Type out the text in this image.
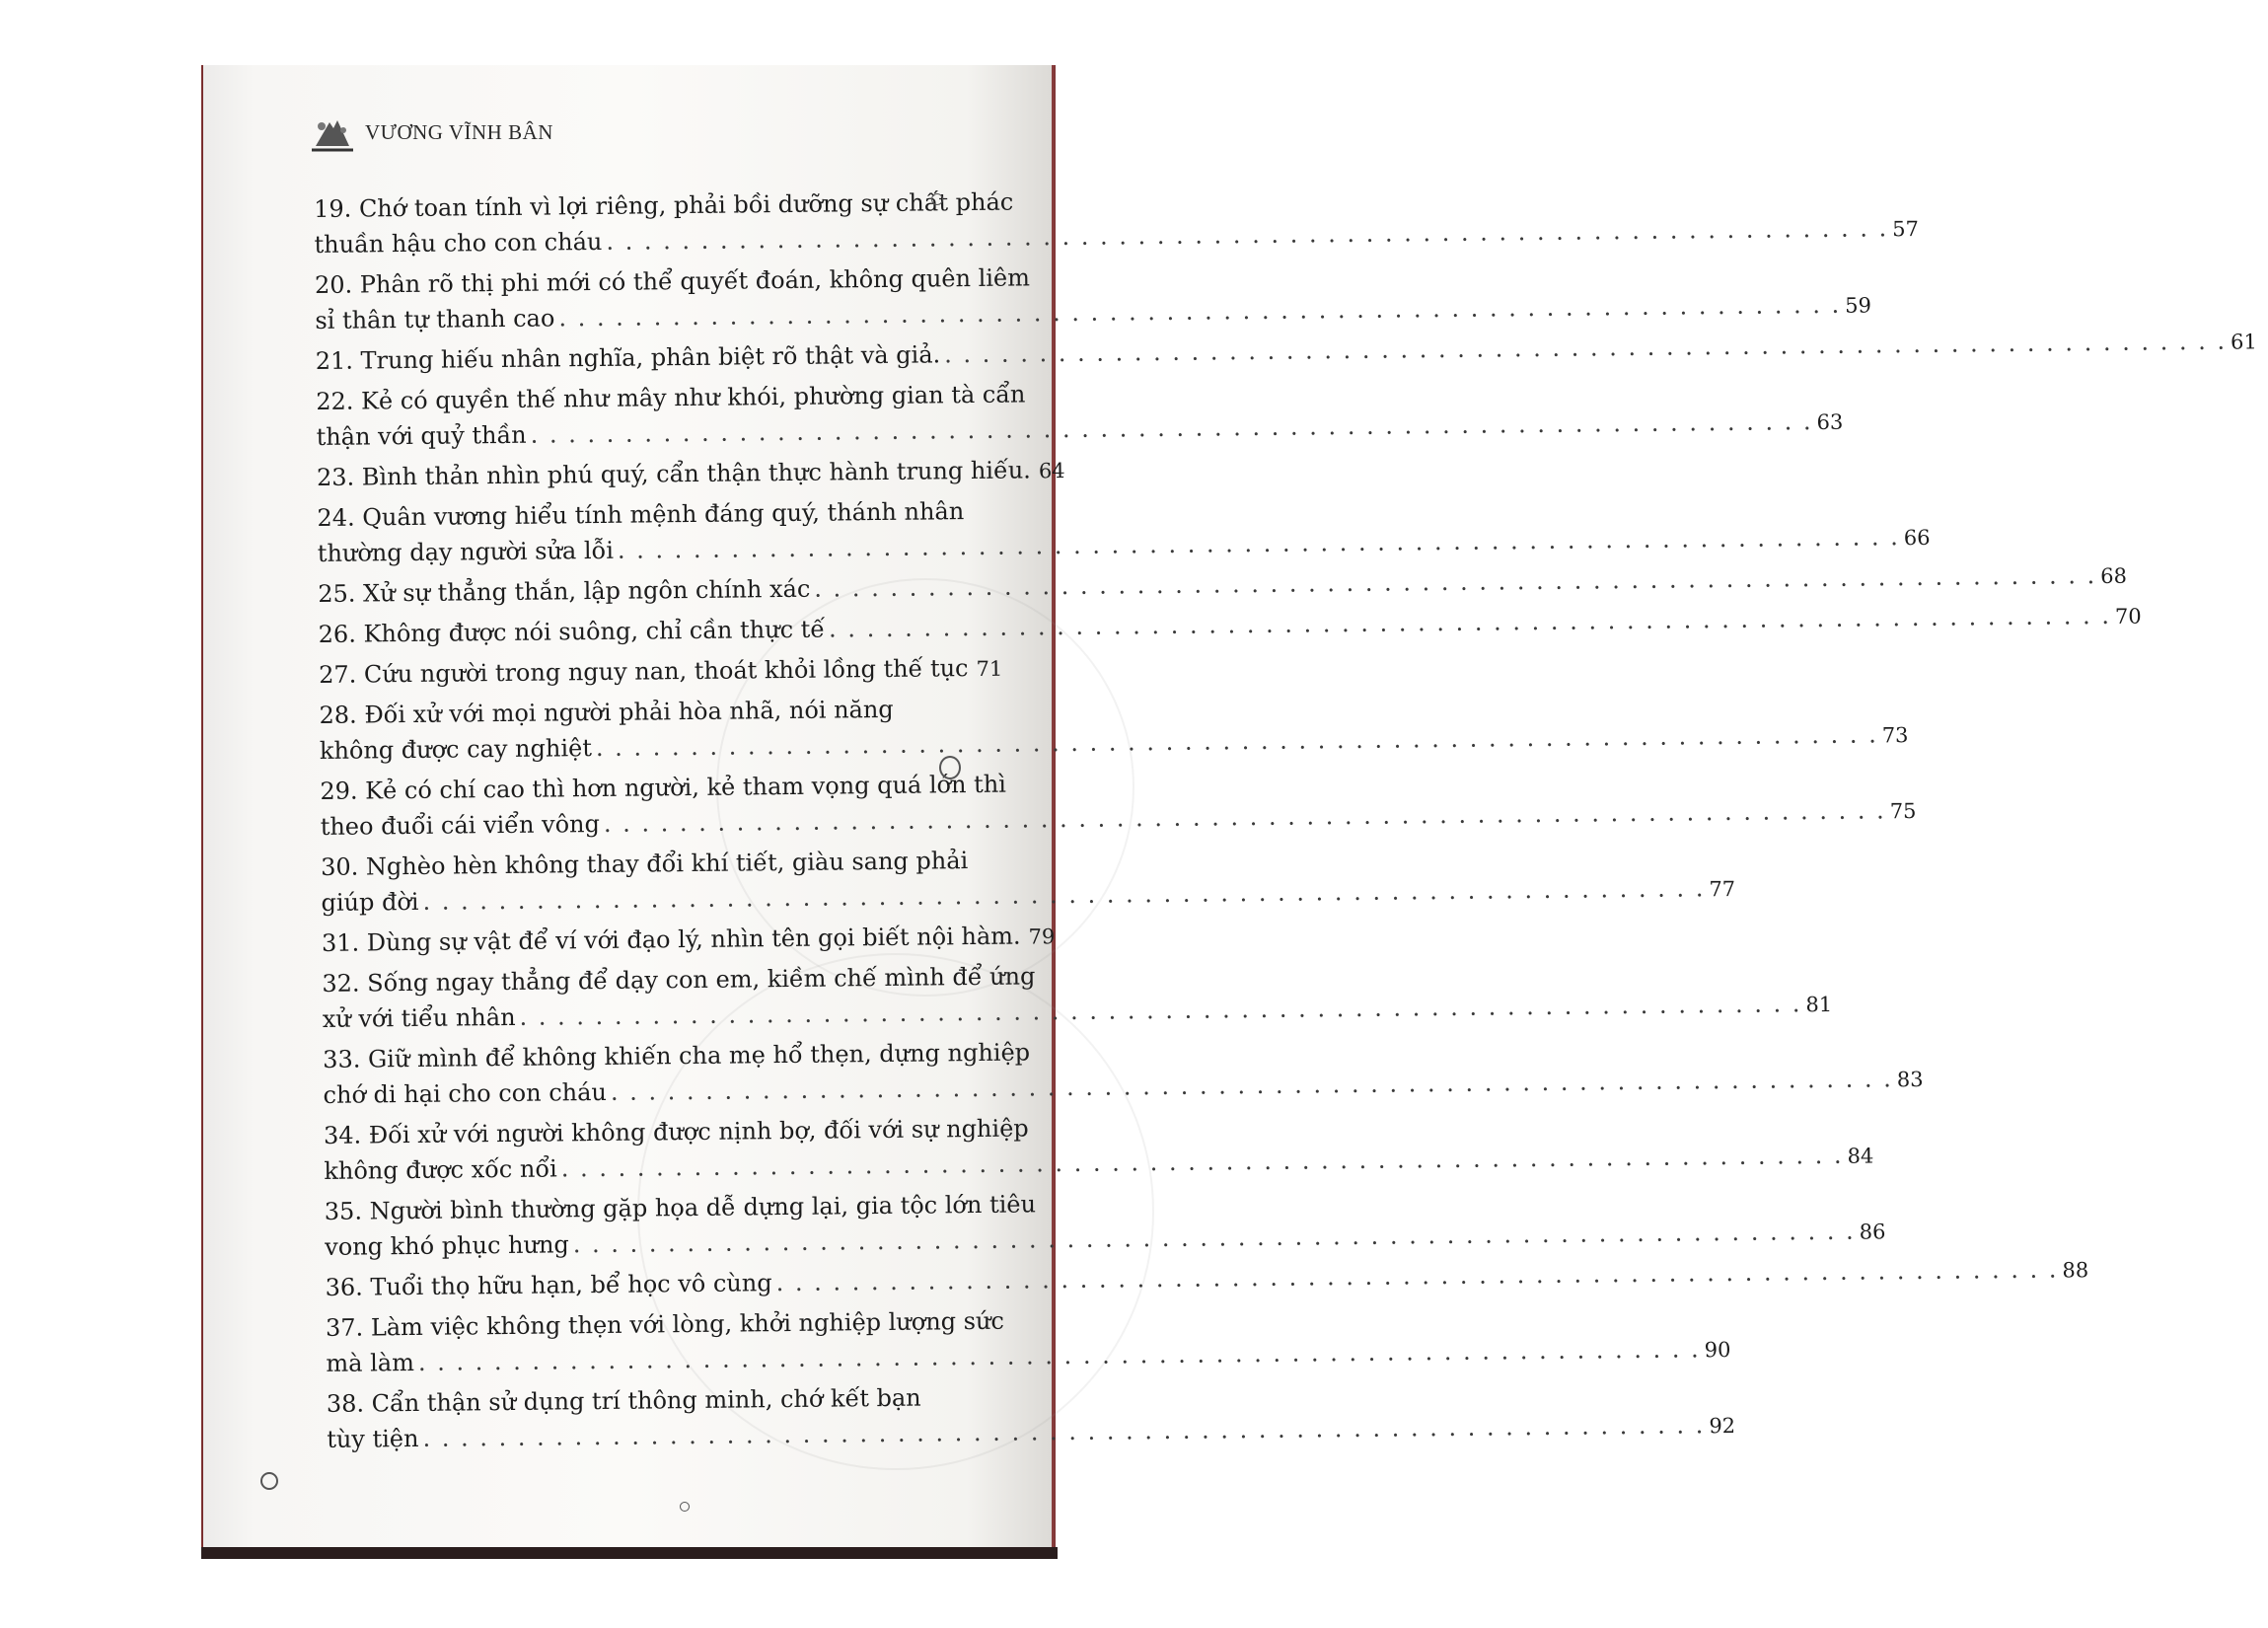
VƯƠNG VĨNH BÂN
19. Chớ toan tính vì lợi riêng, phải bồi dưỡng sự chất phác
thuần hậu cho con cháu . . .	57
20. Phân rõ thị phi mới có thể quyết đoán, không quên liêm
sỉ thân tự thanh cao . . .	59
21. Trung hiếu nhân nghĩa, phân biệt rõ thật và giả. . . .	61
22. Kẻ có quyền thế như mây như khói, phường gian tà cẩn
thận với quỷ thần . . .	63
23. Bình thản nhìn phú quý, cẩn thận thực hành trung hiếu. . . . 64
24. Quân vương hiểu tính mệnh đáng quý, thánh nhân
thường dạy người sửa lỗi . . .	66
25. Xử sự thẳng thắn, lập ngôn chính xác . . .	68
26. Không được nói suông, chỉ cần thực tế . . .	70
27. Cứu người trong nguy nan, thoát khỏi lồng thế tục . . . 71
28. Đối xử với mọi người phải hòa nhã, nói năng
không được cay nghiệt . . .	73
29. Kẻ có chí cao thì hơn người, kẻ tham vọng quá lớn thì
theo đuổi cái viển vông . . .	75
30. Nghèo hèn không thay đổi khí tiết, giàu sang phải
giúp đời . . .	77
31. Dùng sự vật để ví với đạo lý, nhìn tên gọi biết nội hàm. . . . 79
32. Sống ngay thẳng để dạy con em, kiềm chế mình để ứng
xử với tiểu nhân . . .	81
33. Giữ mình để không khiến cha mẹ hổ thẹn, dựng nghiệp
chớ di hại cho con cháu . . .	83
34. Đối xử với người không được nịnh bợ, đối với sự nghiệp
không được xốc nổi . . .	84
35. Người bình thường gặp họa dễ dựng lại, gia tộc lớn tiêu
vong khó phục hưng . . .	86
36. Tuổi thọ hữu hạn, bể học vô cùng . . .	88
37. Làm việc không thẹn với lòng, khởi nghiệp lượng sức
mà làm . . .	90
38. Cẩn thận sử dụng trí thông minh, chớ kết bạn
tùy tiện . . .	92
